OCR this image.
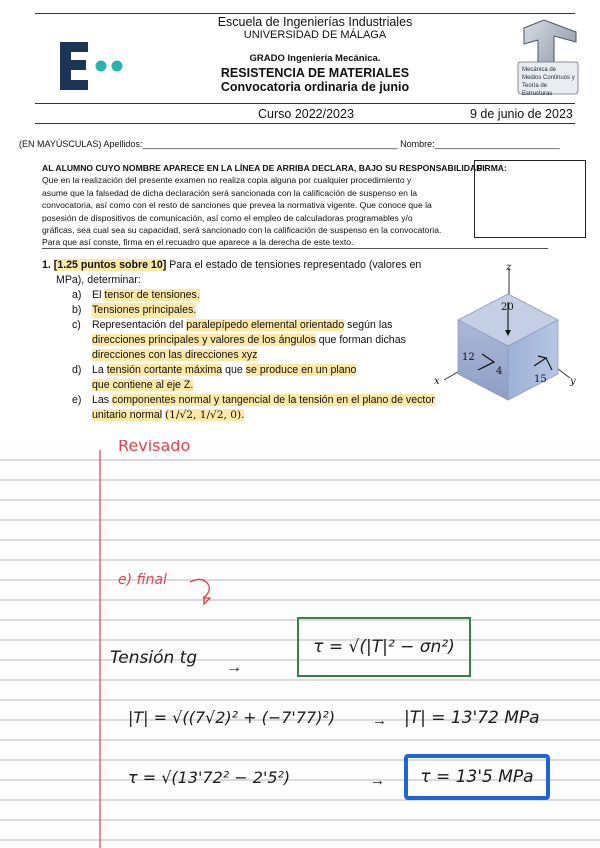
Escuela de Ingenierías Industriales
UNIVERSIDAD DE MÁLAGA
GRADO Ingeniería Mecánica.
RESISTENCIA DE MATERIALES
Convocatoria ordinaria de junio
Mecánica de
Medios Continuos y
Teoría de Estructuras
Curso 2022/2023	9 de junio de 2023
(EN MAYÚSCULAS) Apellidos:___________________________________________________ Nombre:_________________________
FIRMA:
AL ALUMNO CUYO NOMBRE APARECE EN LA LÍNEA DE ARRIBA DECLARA, BAJO SU RESPONSABILIDAD:
Que en la realización del presente examen no realiza copia alguna por cualquier procedimiento y
asume que la falsedad de dicha declaración será sancionada con la calificación de suspenso en la
convocatoria, así como con el resto de sanciones que prevea la normativa vigente. Que conoce que la
posesión de dispositivos de comunicación, así como el empleo de calculadoras programables y/o
gráficas, sea cual sea su capacidad, será sancionado con la calificación de suspenso en la convocatoria.
Para que así conste, firma en el recuadro que aparece a la derecha de este texto.
1. [1.25 puntos sobre 10] Para el estado de tensiones representado (valores en
MPa), determinar:
a) El tensor de tensiones.
b) Tensiones principales.
c)	Representación del paralepípedo elemental orientado según las
direcciones principales y valores de los ángulos que forman dichas
direcciones con las direcciones xyz
d) La tensión cortante máxima que se produce en un plano
que contiene al eje Z.
e) Las componentes normal y tangencial de la tensión en el plano de vector
unitario normal (1/√2, 1/√2, 0).
z
x	y
20
12
4
15
Revisado
e) final
Tensión tg →
τ = √(|T|² − σn²)
|T| = √((7√2)² + (−7'77)²) → |T| = 13'72 MPa
τ = √(13'72² − 2'5²)	→	τ = 13'5 MPa
